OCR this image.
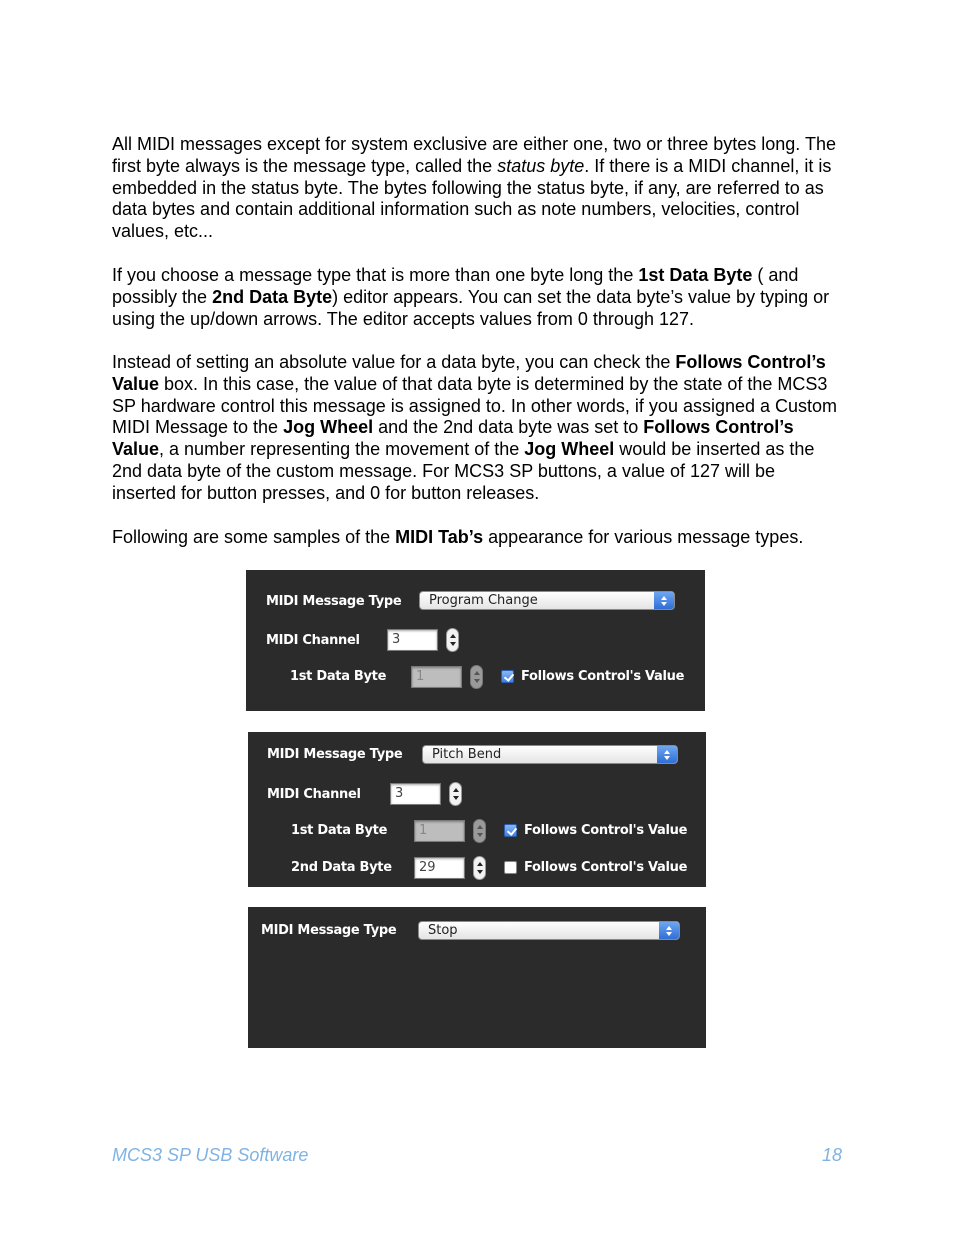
All MIDI messages except for system exclusive are either one, two or three bytes long. The first byte always is the message type, called the status byte. If there is a MIDI channel, it is embedded in the status byte. The bytes following the status byte, if any, are referred to as data bytes and contain additional information such as note numbers, velocities, control values, etc...

If you choose a message type that is more than one byte long the 1st Data Byte ( and possibly the 2nd Data Byte) editor appears. You can set the data byte’s value by typing or using the up/down arrows. The editor accepts values from 0 through 127.

Instead of setting an absolute value for a data byte, you can check the Follows Control’s Value box. In this case, the value of that data byte is determined by the state of the MCS3 SP hardware control this message is assigned to. In other words, if you assigned a Custom MIDI Message to the Jog Wheel and the 2nd data byte was set to Follows Control’s Value, a number representing the movement of the Jog Wheel would be inserted as the 2nd data byte of the custom message. For MCS3 SP buttons, a value of 127 will be inserted for button presses, and 0 for button releases.

Following are some samples of the MIDI Tab’s appearance for various message types.

MIDI Message Type Program Change
MIDI Channel 3
1st Data Byte 1	Follows Control's Value
MIDI Message Type Pitch Bend
MIDI Channel	3
1st Data Byte 1	Follows Control's Value
2nd Data Byte 29	Follows Control's Value
MIDI Message Type Stop
MCS3 SP USB Software	18
